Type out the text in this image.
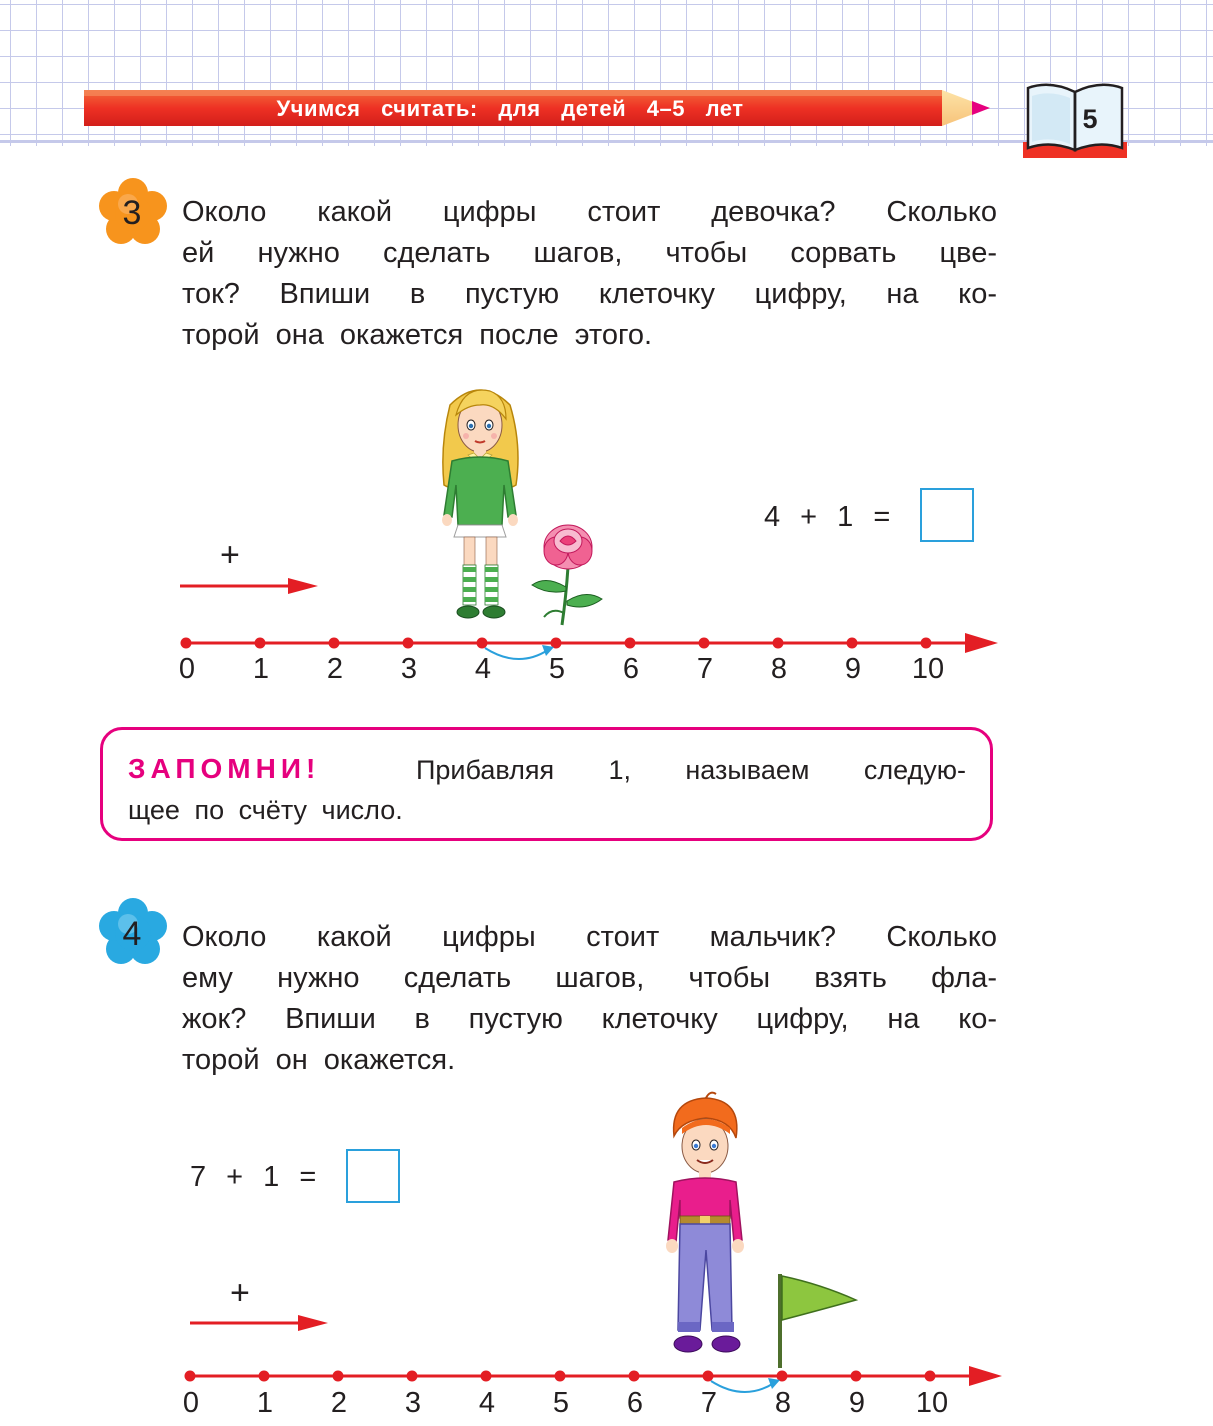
Учимся считать: для детей 4–5 лет	5
3	Около какой цифры стоит девочка? Сколько
ей нужно сделать шагов, чтобы сорвать цве-
ток? Впиши в пустую клеточку цифру, на ко-
торой она окажется после этого.
4 + 1 =
+
0	1	2	3	4	5	6	7	8	9	10
Прибавляя 1, называем следую-
щее по счёту число.
ЗАПОМНИ!
4	Около какой цифры стоит мальчик? Сколько
ему нужно сделать шагов, чтобы взять фла-
жок? Впиши в пустую клеточку цифру, на ко-
торой он окажется.
7 + 1 =
+
0	1	2	3	4	5	6	7	8	9	10
